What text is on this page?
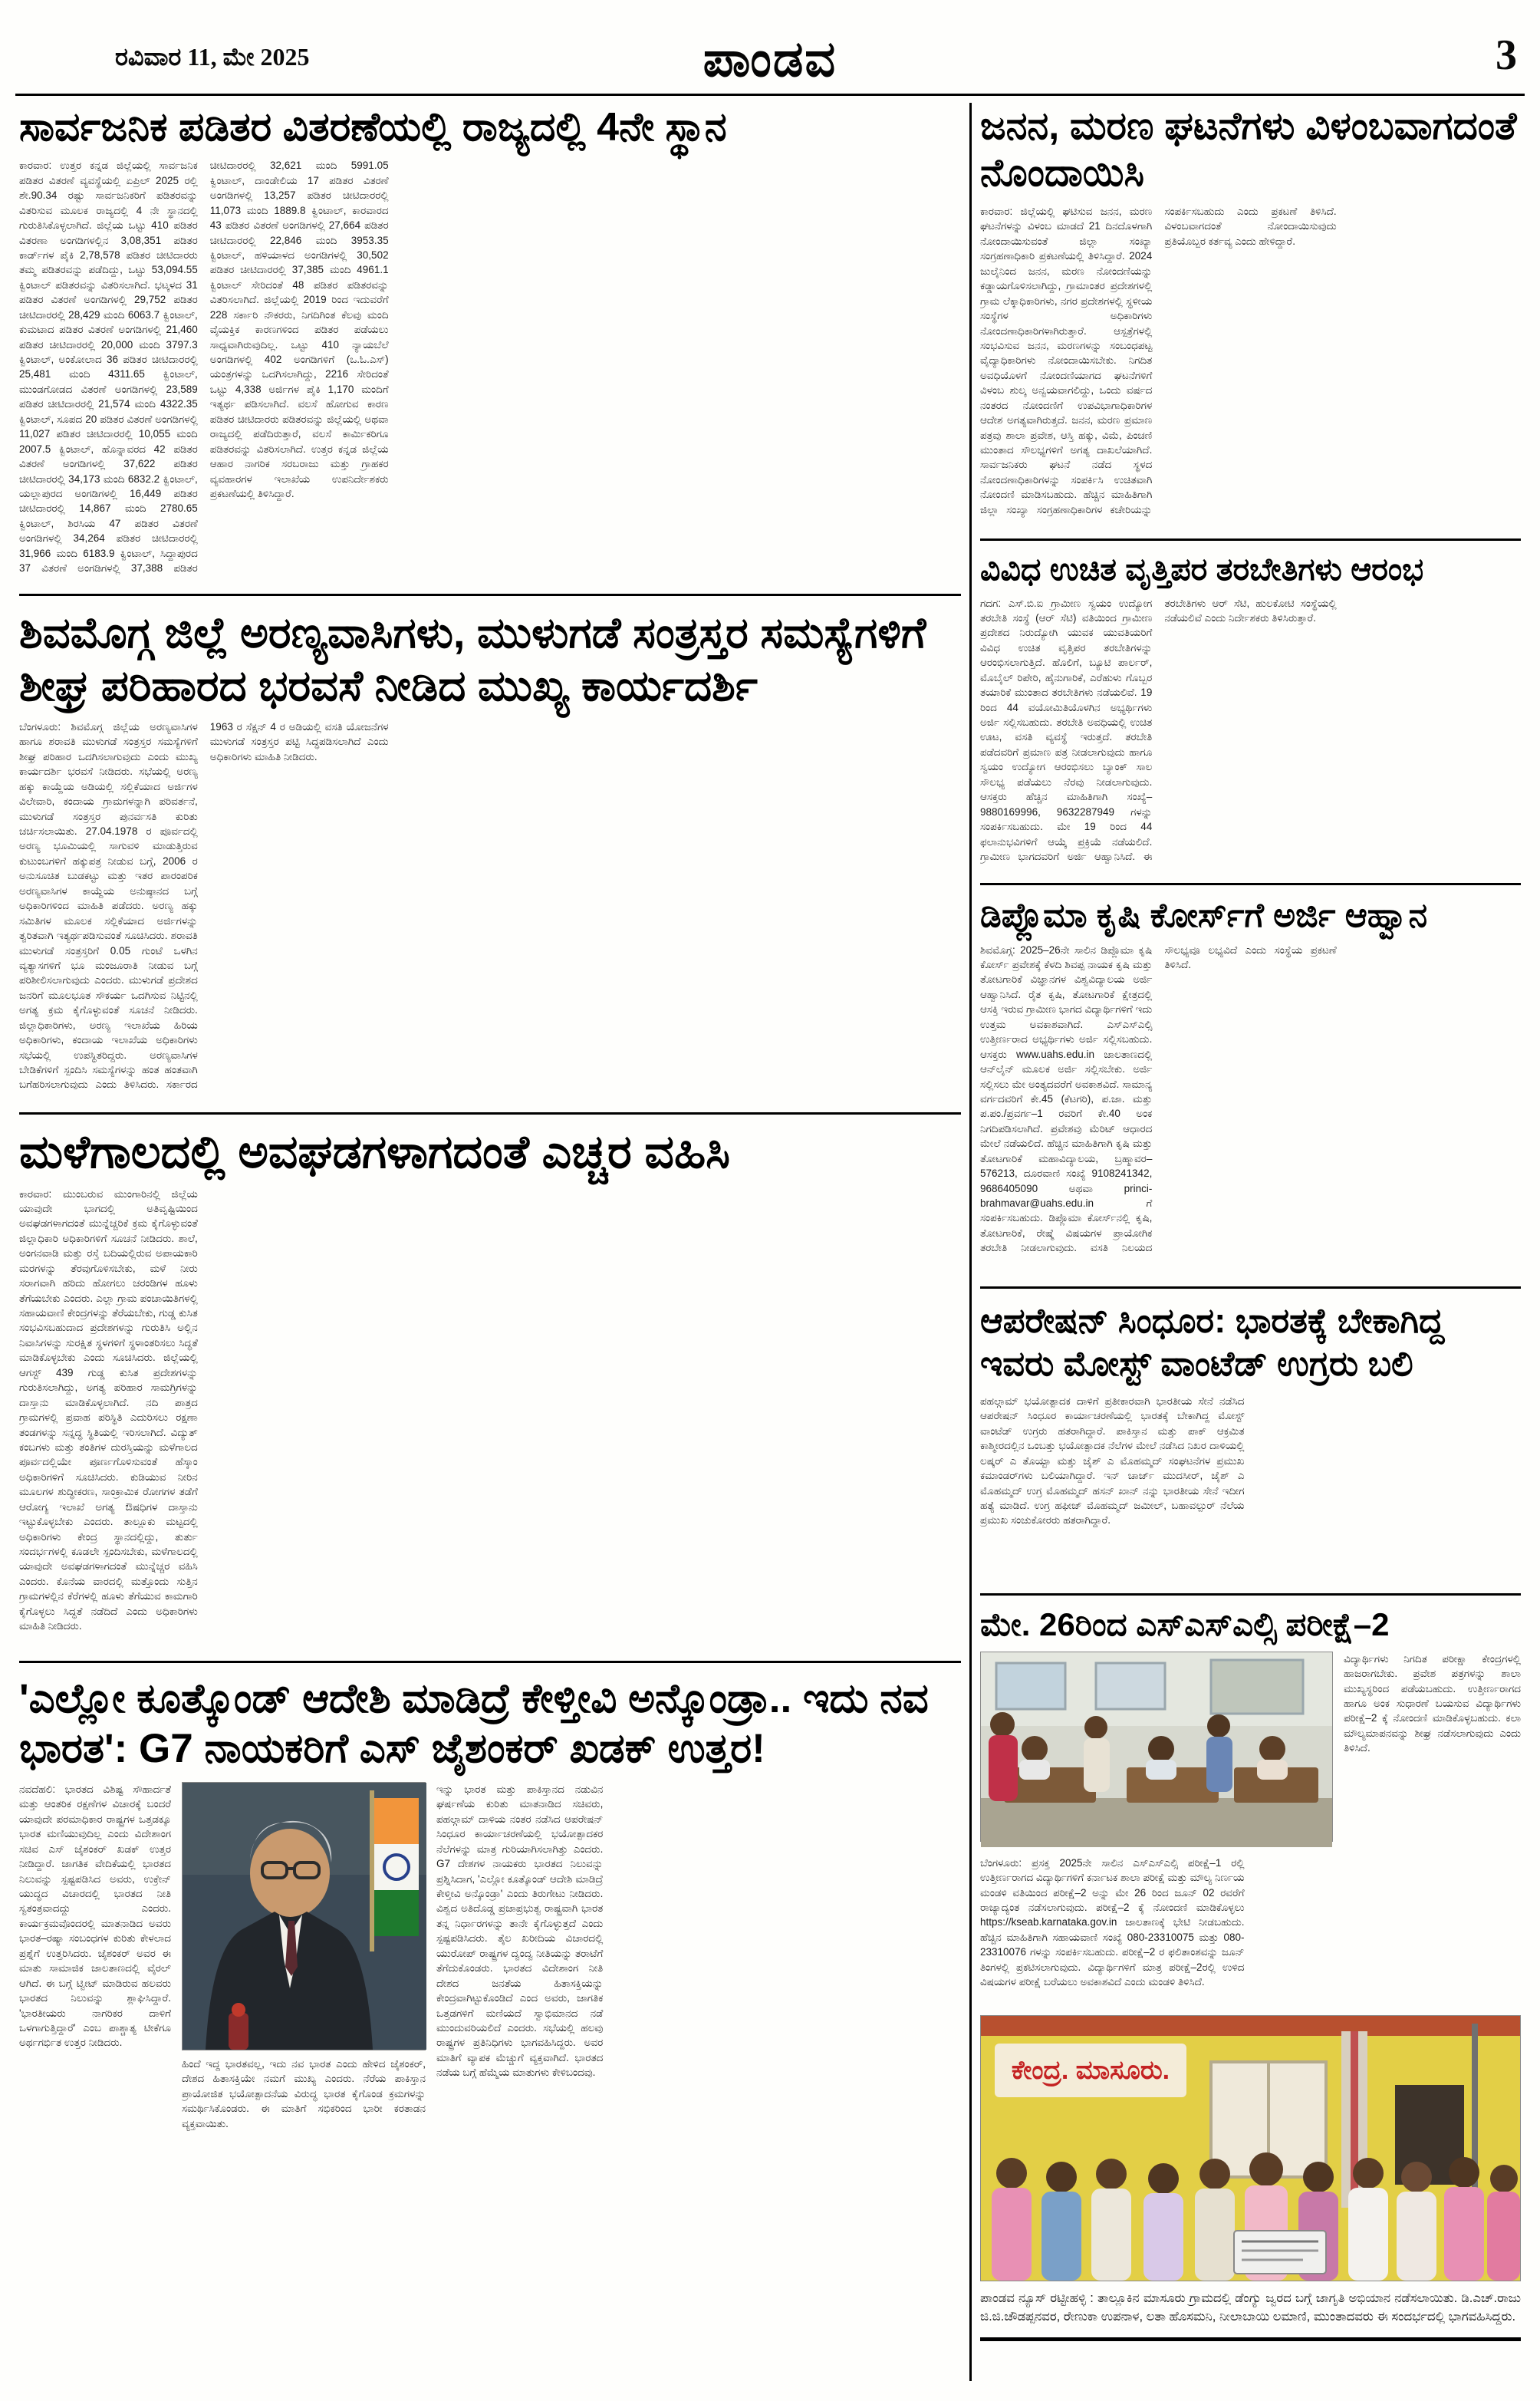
ರವಿವಾರ 11, ಮೇ 2025	ಪಾಂಡವ	3
ಸಾರ್ವಜನಿಕ ಪಡಿತರ ವಿತರಣೆಯಲ್ಲಿ ರಾಜ್ಯದಲ್ಲಿ 4ನೇ ಸ್ಥಾನ
ಕಾರವಾರ: ಉತ್ತರ ಕನ್ನಡ ಜಿಲ್ಲೆಯಲ್ಲಿ ಸಾರ್ವಜನಿಕ ಪಡಿತರ ವಿತರಣೆ ವ್ಯವಸ್ಥೆಯಲ್ಲಿ ಏಪ್ರಿಲ್ 2025 ರಲ್ಲಿ ಶೇ.90.34 ರಷ್ಟು ಸಾರ್ವಜನಿಕರಿಗೆ ಪಡಿತರವನ್ನು ವಿತರಿಸುವ ಮೂಲಕ ರಾಜ್ಯದಲ್ಲಿ 4 ನೇ ಸ್ಥಾನದಲ್ಲಿ ಗುರುತಿಸಿಕೊಳ್ಳಲಾಗಿದೆ. ಜಿಲ್ಲೆಯ ಒಟ್ಟು 410 ಪಡಿತರ ವಿತರಣಾ ಅಂಗಡಿಗಳಲ್ಲಿನ 3,08,351 ಪಡಿತರ ಕಾರ್ಡ್‌ಗಳ ಪೈಕಿ 2,78,578 ಪಡಿತರ ಚೀಟಿದಾರರು ತಮ್ಮ ಪಡಿತರವನ್ನು ಪಡೆದಿದ್ದು, ಒಟ್ಟು 53,094.55 ಕ್ವಿಂಟಾಲ್ ಪಡಿತರವನ್ನು ವಿತರಿಸಲಾಗಿದೆ. ಭಟ್ಕಳದ 31 ಪಡಿತರ ವಿತರಣೆ ಅಂಗಡಿಗಳಲ್ಲಿ 29,752 ಪಡಿತರ ಚೀಟಿದಾರರಲ್ಲಿ 28,429 ಮಂದಿ 6063.7 ಕ್ವಿಂಟಾಲ್, ಕುಮಟಾದ ಪಡಿತರ ವಿತರಣೆ ಅಂಗಡಿಗಳಲ್ಲಿ 21,460 ಪಡಿತರ ಚೀಟಿದಾರರಲ್ಲಿ 20,000 ಮಂದಿ 3797.3 ಕ್ವಿಂಟಾಲ್, ಅಂಕೋಲಾದ 36 ಪಡಿತರ ಚೀಟಿದಾರರಲ್ಲಿ 25,481 ಮಂದಿ 4311.65 ಕ್ವಿಂಟಾಲ್, ಮುಂಡಗೋಡದ ವಿತರಣೆ ಅಂಗಡಿಗಳಲ್ಲಿ 23,589 ಪಡಿತರ ಚೀಟಿದಾರರಲ್ಲಿ 21,574 ಮಂದಿ 4322.35 ಕ್ವಿಂಟಾಲ್, ಸೂಪದ 20 ಪಡಿತರ ವಿತರಣೆ ಅಂಗಡಿಗಳಲ್ಲಿ 11,027 ಪಡಿತರ ಚೀಟಿದಾರರಲ್ಲಿ 10,055 ಮಂದಿ 2007.5 ಕ್ವಿಂಟಾಲ್, ಹೊನ್ನಾವರದ 42 ಪಡಿತರ ವಿತರಣೆ ಅಂಗಡಿಗಳಲ್ಲಿ 37,622 ಪಡಿತರ ಚೀಟಿದಾರರಲ್ಲಿ 34,173 ಮಂದಿ 6832.2 ಕ್ವಿಂಟಾಲ್, ಯಲ್ಲಾಪುರದ ಅಂಗಡಿಗಳಲ್ಲಿ 16,449 ಪಡಿತರ ಚೀಟಿದಾರರಲ್ಲಿ 14,867 ಮಂದಿ 2780.65 ಕ್ವಿಂಟಾಲ್, ಶಿರಸಿಯ 47 ಪಡಿತರ ವಿತರಣೆ ಅಂಗಡಿಗಳಲ್ಲಿ 34,264 ಪಡಿತರ ಚೀಟಿದಾರರಲ್ಲಿ 31,966 ಮಂದಿ 6183.9 ಕ್ವಿಂಟಾಲ್, ಸಿದ್ದಾಪುರದ 37 ವಿತರಣೆ ಅಂಗಡಿಗಳಲ್ಲಿ 37,388 ಪಡಿತರ ಚೀಟಿದಾರರಲ್ಲಿ 32,621 ಮಂದಿ 5991.05 ಕ್ವಿಂಟಾಲ್, ದಾಂಡೇಲಿಯ 17 ಪಡಿತರ ವಿತರಣೆ ಅಂಗಡಿಗಳಲ್ಲಿ 13,257 ಪಡಿತರ ಚೀಟಿದಾರರಲ್ಲಿ 11,073 ಮಂದಿ 1889.8 ಕ್ವಿಂಟಾಲ್, ಕಾರವಾರದ 43 ಪಡಿತರ ವಿತರಣೆ ಅಂಗಡಿಗಳಲ್ಲಿ 27,664 ಪಡಿತರ ಚೀಟಿದಾರರಲ್ಲಿ 22,846 ಮಂದಿ 3953.35 ಕ್ವಿಂಟಾಲ್, ಹಳಿಯಾಳದ ಅಂಗಡಿಗಳಲ್ಲಿ 30,502 ಪಡಿತರ ಚೀಟಿದಾರರಲ್ಲಿ 37,385 ಮಂದಿ 4961.1 ಕ್ವಿಂಟಾಲ್ ಸೇರಿದಂತೆ 48 ಪಡಿತರ ಪಡಿತರವನ್ನು ವಿತರಿಸಲಾಗಿದೆ. ಜಿಲ್ಲೆಯಲ್ಲಿ 2019 ರಿಂದ ಇದುವರೆಗೆ 228 ಸರ್ಕಾರಿ ನೌಕರರು, ನಿಗದಿಗಿಂತ ಕೆಲವು ಮಂದಿ ವೈಯಕ್ತಿಕ ಕಾರಣಗಳಿಂದ ಪಡಿತರ ಪಡೆಯಲು ಸಾಧ್ಯವಾಗಿರುವುದಿಲ್ಲ. ಒಟ್ಟು 410 ನ್ಯಾಯಬೆಲೆ ಅಂಗಡಿಗಳಲ್ಲಿ 402 ಅಂಗಡಿಗಳಿಗೆ (ಒ.ಓ.ಎಸ್) ಯಂತ್ರಗಳನ್ನು ಒದಗಿಸಲಾಗಿದ್ದು, 2216 ಸೇರಿದಂತೆ ಒಟ್ಟು 4,338 ಅರ್ಜಿಗಳ ಪೈಕಿ 1,170 ಮಂದಿಗೆ ಇತ್ಯರ್ಥ ಪಡಿಸಲಾಗಿದೆ. ವಲಸೆ ಹೋಗುವ ಕಾರಣ ಪಡಿತರ ಚೀಟಿದಾರರು ಪಡಿತರವನ್ನು ಜಿಲ್ಲೆಯಲ್ಲಿ ಅಥವಾ ರಾಜ್ಯದಲ್ಲಿ ಪಡೆದಿರುತ್ತಾರೆ, ವಲಸೆ ಕಾರ್ಮಿಕರಿಗೂ ಪಡಿತರವನ್ನು ವಿತರಿಸಲಾಗಿದೆ. ಉತ್ತರ ಕನ್ನಡ ಜಿಲ್ಲೆಯ ಆಹಾರ ನಾಗರಿಕ ಸರಬರಾಜು ಮತ್ತು ಗ್ರಾಹಕರ ವ್ಯವಹಾರಗಳ ಇಲಾಖೆಯ ಉಪನಿರ್ದೇಶಕರು ಪ್ರಕಟಣೆಯಲ್ಲಿ ತಿಳಿಸಿದ್ದಾರೆ.
ಶಿವಮೊಗ್ಗ ಜಿಲ್ಲೆ ಅರಣ್ಯವಾಸಿಗಳು, ಮುಳುಗಡೆ ಸಂತ್ರಸ್ತರ ಸಮಸ್ಯೆಗಳಿಗೆ ಶೀಘ್ರ ಪರಿಹಾರದ ಭರವಸೆ ನೀಡಿದ ಮುಖ್ಯ ಕಾರ್ಯದರ್ಶಿ
ಬೆಂಗಳೂರು: ಶಿವಮೊಗ್ಗ ಜಿಲ್ಲೆಯ ಅರಣ್ಯವಾಸಿಗಳ ಹಾಗೂ ಶರಾವತಿ ಮುಳುಗಡೆ ಸಂತ್ರಸ್ತರ ಸಮಸ್ಯೆಗಳಿಗೆ ಶೀಘ್ರ ಪರಿಹಾರ ಒದಗಿಸಲಾಗುವುದು ಎಂದು ಮುಖ್ಯ ಕಾರ್ಯದರ್ಶಿ ಭರವಸೆ ನೀಡಿದರು. ಸಭೆಯಲ್ಲಿ ಅರಣ್ಯ ಹಕ್ಕು ಕಾಯ್ದೆಯ ಅಡಿಯಲ್ಲಿ ಸಲ್ಲಿಕೆಯಾದ ಅರ್ಜಿಗಳ ವಿಲೇವಾರಿ, ಕಂದಾಯ ಗ್ರಾಮಗಳನ್ನಾಗಿ ಪರಿವರ್ತನೆ, ಮುಳುಗಡೆ ಸಂತ್ರಸ್ತರ ಪುನರ್ವಸತಿ ಕುರಿತು ಚರ್ಚಿಸಲಾಯಿತು. 27.04.1978 ರ ಪೂರ್ವದಲ್ಲಿ ಅರಣ್ಯ ಭೂಮಿಯಲ್ಲಿ ಸಾಗುವಳಿ ಮಾಡುತ್ತಿರುವ ಕುಟುಂಬಗಳಿಗೆ ಹಕ್ಕುಪತ್ರ ನೀಡುವ ಬಗ್ಗೆ, 2006 ರ ಅನುಸೂಚಿತ ಬುಡಕಟ್ಟು ಮತ್ತು ಇತರ ಪಾರಂಪರಿಕ ಅರಣ್ಯವಾಸಿಗಳ ಕಾಯ್ದೆಯ ಅನುಷ್ಠಾನದ ಬಗ್ಗೆ ಅಧಿಕಾರಿಗಳಿಂದ ಮಾಹಿತಿ ಪಡೆದರು. ಅರಣ್ಯ ಹಕ್ಕು ಸಮಿತಿಗಳ ಮೂಲಕ ಸಲ್ಲಿಕೆಯಾದ ಅರ್ಜಿಗಳನ್ನು ತ್ವರಿತವಾಗಿ ಇತ್ಯರ್ಥಪಡಿಸುವಂತೆ ಸೂಚಿಸಿದರು. ಶರಾವತಿ ಮುಳುಗಡೆ ಸಂತ್ರಸ್ತರಿಗೆ 0.05 ಗುಂಟೆ ಒಳಗಿನ ವ್ಯತ್ಯಾಸಗಳಿಗೆ ಭೂ ಮಂಜೂರಾತಿ ನೀಡುವ ಬಗ್ಗೆ ಪರಿಶೀಲಿಸಲಾಗುವುದು ಎಂದರು. ಮುಳುಗಡೆ ಪ್ರದೇಶದ ಜನರಿಗೆ ಮೂಲಭೂತ ಸೌಕರ್ಯ ಒದಗಿಸುವ ನಿಟ್ಟಿನಲ್ಲಿ ಅಗತ್ಯ ಕ್ರಮ ಕೈಗೊಳ್ಳುವಂತೆ ಸೂಚನೆ ನೀಡಿದರು. ಜಿಲ್ಲಾಧಿಕಾರಿಗಳು, ಅರಣ್ಯ ಇಲಾಖೆಯ ಹಿರಿಯ ಅಧಿಕಾರಿಗಳು, ಕಂದಾಯ ಇಲಾಖೆಯ ಅಧಿಕಾರಿಗಳು ಸಭೆಯಲ್ಲಿ ಉಪಸ್ಥಿತರಿದ್ದರು. ಅರಣ್ಯವಾಸಿಗಳ ಬೇಡಿಕೆಗಳಿಗೆ ಸ್ಪಂದಿಸಿ ಸಮಸ್ಯೆಗಳನ್ನು ಹಂತ ಹಂತವಾಗಿ ಬಗೆಹರಿಸಲಾಗುವುದು ಎಂದು ತಿಳಿಸಿದರು. ಸರ್ಕಾರದ 1963 ರ ಸೆಕ್ಷನ್ 4 ರ ಅಡಿಯಲ್ಲಿ ವಸತಿ ಯೋಜನೆಗಳ ಮುಳುಗಡೆ ಸಂತ್ರಸ್ತರ ಪಟ್ಟಿ ಸಿದ್ಧಪಡಿಸಲಾಗಿದೆ ಎಂದು ಅಧಿಕಾರಿಗಳು ಮಾಹಿತಿ ನೀಡಿದರು.
ಮಳೆಗಾಲದಲ್ಲಿ ಅವಘಡಗಳಾಗದಂತೆ ಎಚ್ಚರ ವಹಿಸಿ
ಕಾರವಾರ: ಮುಂಬರುವ ಮುಂಗಾರಿನಲ್ಲಿ ಜಿಲ್ಲೆಯ ಯಾವುದೇ ಭಾಗದಲ್ಲಿ ಅತಿವೃಷ್ಟಿಯಿಂದ ಅವಘಡಗಳಾಗದಂತೆ ಮುನ್ನೆಚ್ಚರಿಕೆ ಕ್ರಮ ಕೈಗೊಳ್ಳುವಂತೆ ಜಿಲ್ಲಾಧಿಕಾರಿ ಅಧಿಕಾರಿಗಳಿಗೆ ಸೂಚನೆ ನೀಡಿದರು. ಶಾಲೆ, ಅಂಗನವಾಡಿ ಮತ್ತು ರಸ್ತೆ ಬದಿಯಲ್ಲಿರುವ ಅಪಾಯಕಾರಿ ಮರಗಳನ್ನು ತೆರವುಗೊಳಿಸಬೇಕು, ಮಳೆ ನೀರು ಸರಾಗವಾಗಿ ಹರಿದು ಹೋಗಲು ಚರಂಡಿಗಳ ಹೂಳು ತೆಗೆಯಬೇಕು ಎಂದರು. ಎಲ್ಲಾ ಗ್ರಾಮ ಪಂಚಾಯಿತಿಗಳಲ್ಲಿ ಸಹಾಯವಾಣಿ ಕೇಂದ್ರಗಳನ್ನು ತೆರೆಯಬೇಕು, ಗುಡ್ಡ ಕುಸಿತ ಸಂಭವಿಸಬಹುದಾದ ಪ್ರದೇಶಗಳನ್ನು ಗುರುತಿಸಿ ಅಲ್ಲಿನ ನಿವಾಸಿಗಳನ್ನು ಸುರಕ್ಷಿತ ಸ್ಥಳಗಳಿಗೆ ಸ್ಥಳಾಂತರಿಸಲು ಸಿದ್ಧತೆ ಮಾಡಿಕೊಳ್ಳಬೇಕು ಎಂದು ಸೂಚಿಸಿದರು. ಜಿಲ್ಲೆಯಲ್ಲಿ ಆಗಸ್ಟ್ 439 ಗುಡ್ಡ ಕುಸಿತ ಪ್ರದೇಶಗಳನ್ನು ಗುರುತಿಸಲಾಗಿದ್ದು, ಅಗತ್ಯ ಪರಿಹಾರ ಸಾಮಗ್ರಿಗಳನ್ನು ದಾಸ್ತಾನು ಮಾಡಿಕೊಳ್ಳಲಾಗಿದೆ. ನದಿ ಪಾತ್ರದ ಗ್ರಾಮಗಳಲ್ಲಿ ಪ್ರವಾಹ ಪರಿಸ್ಥಿತಿ ಎದುರಿಸಲು ರಕ್ಷಣಾ ತಂಡಗಳನ್ನು ಸನ್ನದ್ಧ ಸ್ಥಿತಿಯಲ್ಲಿ ಇರಿಸಲಾಗಿದೆ. ವಿದ್ಯುತ್ ಕಂಬಗಳು ಮತ್ತು ತಂತಿಗಳ ದುರಸ್ತಿಯನ್ನು ಮಳೆಗಾಲದ ಪೂರ್ವದಲ್ಲಿಯೇ ಪೂರ್ಣಗೊಳಿಸುವಂತೆ ಹೆಸ್ಕಾಂ ಅಧಿಕಾರಿಗಳಿಗೆ ಸೂಚಿಸಿದರು. ಕುಡಿಯುವ ನೀರಿನ ಮೂಲಗಳ ಶುದ್ಧೀಕರಣ, ಸಾಂಕ್ರಾಮಿಕ ರೋಗಗಳ ತಡೆಗೆ ಆರೋಗ್ಯ ಇಲಾಖೆ ಅಗತ್ಯ ಔಷಧಿಗಳ ದಾಸ್ತಾನು ಇಟ್ಟುಕೊಳ್ಳಬೇಕು ಎಂದರು. ತಾಲ್ಲೂಕು ಮಟ್ಟದಲ್ಲಿ ಅಧಿಕಾರಿಗಳು ಕೇಂದ್ರ ಸ್ಥಾನದಲ್ಲಿದ್ದು, ತುರ್ತು ಸಂದರ್ಭಗಳಲ್ಲಿ ಕೂಡಲೇ ಸ್ಪಂದಿಸಬೇಕು, ಮಳೆಗಾಲದಲ್ಲಿ ಯಾವುದೇ ಅವಘಡಗಳಾಗದಂತೆ ಮುನ್ನೆಚ್ಚರ ವಹಿಸಿ ಎಂದರು. ಕೊನೆಯ ವಾರದಲ್ಲಿ ಮತ್ತೊಂದು ಸುತ್ತಿನ ಗ್ರಾಮಗಳಲ್ಲಿನ ಕೆರೆಗಳಲ್ಲಿ ಹೂಳು ತೆಗೆಯುವ ಕಾಮಗಾರಿ ಕೈಗೊಳ್ಳಲು ಸಿದ್ಧತೆ ನಡೆದಿದೆ ಎಂದು ಅಧಿಕಾರಿಗಳು ಮಾಹಿತಿ ನೀಡಿದರು.
'ಎಲ್ಲೋ ಕೂತ್ಕೊಂಡ್ ಆದೇಶಿ ಮಾಡಿದ್ರೆ ಕೇಳ್ತೀವಿ ಅನ್ಕೊಂಡ್ರಾ.. ಇದು ನವ ಭಾರತ': G7 ನಾಯಕರಿಗೆ ಎಸ್ ಜೈಶಂಕರ್ ಖಡಕ್ ಉತ್ತರ!
ನವದೆಹಲಿ: ಭಾರತದ ವಿಶಿಷ್ಟ ಸೌಹಾರ್ದತೆ ಮತ್ತು ಆಂತರಿಕ ರಕ್ಷಣೆಗಳ ವಿಚಾರಕ್ಕೆ ಬಂದರೆ ಯಾವುದೇ ಪರಮಾಧಿಕಾರ ರಾಷ್ಟ್ರಗಳ ಒತ್ತಡಕ್ಕೂ ಭಾರತ ಮಣಿಯುವುದಿಲ್ಲ ಎಂದು ವಿದೇಶಾಂಗ ಸಚಿವ ಎಸ್ ಜೈಶಂಕರ್ ಖಡಕ್ ಉತ್ತರ ನೀಡಿದ್ದಾರೆ. ಜಾಗತಿಕ ವೇದಿಕೆಯಲ್ಲಿ ಭಾರತದ ನಿಲುವನ್ನು ಸ್ಪಷ್ಟಪಡಿಸಿದ ಅವರು, ಉಕ್ರೇನ್ ಯುದ್ಧದ ವಿಚಾರದಲ್ಲಿ ಭಾರತದ ನೀತಿ ಸ್ವತಂತ್ರವಾದದ್ದು ಎಂದರು. ಕಾರ್ಯಕ್ರಮವೊಂದರಲ್ಲಿ ಮಾತನಾಡಿದ ಅವರು ಭಾರತ–ರಷ್ಯಾ ಸಂಬಂಧಗಳ ಕುರಿತು ಕೇಳಲಾದ ಪ್ರಶ್ನೆಗೆ ಉತ್ತರಿಸಿದರು. ಜೈಶಂಕರ್ ಅವರ ಈ ಮಾತು ಸಾಮಾಜಿಕ ಜಾಲತಾಣದಲ್ಲಿ ವೈರಲ್ ಆಗಿದೆ. ಈ ಬಗ್ಗೆ ಟ್ವೀಟ್ ಮಾಡಿರುವ ಹಲವರು ಭಾರತದ ನಿಲುವನ್ನು ಶ್ಲಾಘಿಸಿದ್ದಾರೆ. 'ಭಾರತೀಯರು ನಾಗರಿಕರ ದಾಳಿಗೆ ಒಳಗಾಗುತ್ತಿದ್ದಾರೆ' ಎಂಬ ಪಾಶ್ಚಾತ್ಯ ಟೀಕೆಗೂ ಅರ್ಥಗರ್ಭಿತ ಉತ್ತರ ನೀಡಿದರು.
ಹಿಂದೆ ಇದ್ದ ಭಾರತವಲ್ಲ, ಇದು ನವ ಭಾರತ ಎಂದು ಹೇಳಿದ ಜೈಶಂಕರ್, ದೇಶದ ಹಿತಾಸಕ್ತಿಯೇ ನಮಗೆ ಮುಖ್ಯ ಎಂದರು. ನೆರೆಯ ಪಾಕಿಸ್ತಾನ ಪ್ರಾಯೋಜಿತ ಭಯೋತ್ಪಾದನೆಯ ವಿರುದ್ಧ ಭಾರತ ಕೈಗೊಂಡ ಕ್ರಮಗಳನ್ನು ಸಮರ್ಥಿಸಿಕೊಂಡರು. ಈ ಮಾತಿಗೆ ಸಭಿಕರಿಂದ ಭಾರೀ ಕರತಾಡನ ವ್ಯಕ್ತವಾಯಿತು.
ಇನ್ನು ಭಾರತ ಮತ್ತು ಪಾಕಿಸ್ತಾನದ ನಡುವಿನ ಘರ್ಷಣೆಯ ಕುರಿತು ಮಾತನಾಡಿದ ಸಚಿವರು, ಪಹಲ್ಗಾಮ್ ದಾಳಿಯ ನಂತರ ನಡೆಸಿದ ಆಪರೇಷನ್ ಸಿಂಧೂರ ಕಾರ್ಯಾಚರಣೆಯಲ್ಲಿ ಭಯೋತ್ಪಾದಕರ ನೆಲೆಗಳನ್ನು ಮಾತ್ರ ಗುರಿಯಾಗಿಸಲಾಗಿತ್ತು ಎಂದರು. G7 ದೇಶಗಳ ನಾಯಕರು ಭಾರತದ ನಿಲುವನ್ನು ಪ್ರಶ್ನಿಸಿದಾಗ, 'ಎಲ್ಲೋ ಕೂತ್ಕೊಂಡ್ ಆದೇಶಿ ಮಾಡಿದ್ರೆ ಕೇಳ್ತೀವಿ ಅನ್ಕೊಂಡ್ರಾ' ಎಂದು ತಿರುಗೇಟು ನೀಡಿದರು. ವಿಶ್ವದ ಅತಿದೊಡ್ಡ ಪ್ರಜಾಪ್ರಭುತ್ವ ರಾಷ್ಟ್ರವಾಗಿ ಭಾರತ ತನ್ನ ನಿರ್ಧಾರಗಳನ್ನು ತಾನೇ ಕೈಗೊಳ್ಳುತ್ತದೆ ಎಂದು ಸ್ಪಷ್ಟಪಡಿಸಿದರು. ತೈಲ ಖರೀದಿಯ ವಿಚಾರದಲ್ಲಿ ಯುರೋಪ್ ರಾಷ್ಟ್ರಗಳ ದ್ವಂದ್ವ ನೀತಿಯನ್ನು ತರಾಟೆಗೆ ತೆಗೆದುಕೊಂಡರು. ಭಾರತದ ವಿದೇಶಾಂಗ ನೀತಿ ದೇಶದ ಜನತೆಯ ಹಿತಾಸಕ್ತಿಯನ್ನು ಕೇಂದ್ರವಾಗಿಟ್ಟುಕೊಂಡಿದೆ ಎಂದ ಅವರು, ಜಾಗತಿಕ ಒತ್ತಡಗಳಿಗೆ ಮಣಿಯದೆ ಸ್ವಾಭಿಮಾನದ ನಡೆ ಮುಂದುವರಿಯಲಿದೆ ಎಂದರು. ಸಭೆಯಲ್ಲಿ ಹಲವು ರಾಷ್ಟ್ರಗಳ ಪ್ರತಿನಿಧಿಗಳು ಭಾಗವಹಿಸಿದ್ದರು. ಅವರ ಮಾತಿಗೆ ವ್ಯಾಪಕ ಮೆಚ್ಚುಗೆ ವ್ಯಕ್ತವಾಗಿದೆ. ಭಾರತದ ನಡೆಯ ಬಗ್ಗೆ ಹೆಮ್ಮೆಯ ಮಾತುಗಳು ಕೇಳಿಬಂದವು.
ಜನನ, ಮರಣ ಘಟನೆಗಳು ವಿಳಂಬವಾಗದಂತೆ ನೊಂದಾಯಿಸಿ
ಕಾರವಾರ: ಜಿಲ್ಲೆಯಲ್ಲಿ ಘಟಿಸುವ ಜನನ, ಮರಣ ಘಟನೆಗಳನ್ನು ವಿಳಂಬ ಮಾಡದೆ 21 ದಿನದೊಳಗಾಗಿ ನೋಂದಾಯಿಸುವಂತೆ ಜಿಲ್ಲಾ ಸಂಖ್ಯಾ ಸಂಗ್ರಹಣಾಧಿಕಾರಿ ಪ್ರಕಟಣೆಯಲ್ಲಿ ತಿಳಿಸಿದ್ದಾರೆ. 2024 ಜುಲೈನಿಂದ ಜನನ, ಮರಣ ನೋಂದಣಿಯನ್ನು ಕಡ್ಡಾಯಗೊಳಿಸಲಾಗಿದ್ದು, ಗ್ರಾಮಾಂತರ ಪ್ರದೇಶಗಳಲ್ಲಿ ಗ್ರಾಮ ಲೆಕ್ಕಾಧಿಕಾರಿಗಳು, ನಗರ ಪ್ರದೇಶಗಳಲ್ಲಿ ಸ್ಥಳೀಯ ಸಂಸ್ಥೆಗಳ ಅಧಿಕಾರಿಗಳು ನೋಂದಣಾಧಿಕಾರಿಗಳಾಗಿರುತ್ತಾರೆ. ಆಸ್ಪತ್ರೆಗಳಲ್ಲಿ ಸಂಭವಿಸುವ ಜನನ, ಮರಣಗಳನ್ನು ಸಂಬಂಧಪಟ್ಟ ವೈದ್ಯಾಧಿಕಾರಿಗಳು ನೋಂದಾಯಿಸಬೇಕು. ನಿಗದಿತ ಅವಧಿಯೊಳಗೆ ನೋಂದಣಿಯಾಗದ ಘಟನೆಗಳಿಗೆ ವಿಳಂಬ ಶುಲ್ಕ ಅನ್ವಯವಾಗಲಿದ್ದು, ಒಂದು ವರ್ಷದ ನಂತರದ ನೋಂದಣಿಗೆ ಉಪವಿಭಾಗಾಧಿಕಾರಿಗಳ ಆದೇಶ ಅಗತ್ಯವಾಗಿರುತ್ತದೆ. ಜನನ, ಮರಣ ಪ್ರಮಾಣ ಪತ್ರವು ಶಾಲಾ ಪ್ರವೇಶ, ಆಸ್ತಿ ಹಕ್ಕು, ವಿಮೆ, ಪಿಂಚಣಿ ಮುಂತಾದ ಸೌಲಭ್ಯಗಳಿಗೆ ಅಗತ್ಯ ದಾಖಲೆಯಾಗಿದೆ. ಸಾರ್ವಜನಿಕರು ಘಟನೆ ನಡೆದ ಸ್ಥಳದ ನೋಂದಣಾಧಿಕಾರಿಗಳನ್ನು ಸಂಪರ್ಕಿಸಿ ಉಚಿತವಾಗಿ ನೋಂದಣಿ ಮಾಡಿಸಬಹುದು. ಹೆಚ್ಚಿನ ಮಾಹಿತಿಗಾಗಿ ಜಿಲ್ಲಾ ಸಂಖ್ಯಾ ಸಂಗ್ರಹಣಾಧಿಕಾರಿಗಳ ಕಚೇರಿಯನ್ನು ಸಂಪರ್ಕಿಸಬಹುದು ಎಂದು ಪ್ರಕಟಣೆ ತಿಳಿಸಿದೆ. ವಿಳಂಬವಾಗದಂತೆ ನೋಂದಾಯಿಸುವುದು ಪ್ರತಿಯೊಬ್ಬರ ಕರ್ತವ್ಯ ಎಂದು ಹೇಳಿದ್ದಾರೆ.
ವಿವಿಧ ಉಚಿತ ವೃತ್ತಿಪರ ತರಬೇತಿಗಳು ಆರಂಭ
ಗದಗ: ಎಸ್.ಬಿ.ಐ ಗ್ರಾಮೀಣ ಸ್ವಯಂ ಉದ್ಯೋಗ ತರಬೇತಿ ಸಂಸ್ಥೆ (ಆರ್ ಸೆಟಿ) ವತಿಯಿಂದ ಗ್ರಾಮೀಣ ಪ್ರದೇಶದ ನಿರುದ್ಯೋಗಿ ಯುವಕ ಯುವತಿಯರಿಗೆ ವಿವಿಧ ಉಚಿತ ವೃತ್ತಿಪರ ತರಬೇತಿಗಳನ್ನು ಆರಂಭಿಸಲಾಗುತ್ತಿದೆ. ಹೊಲಿಗೆ, ಬ್ಯೂಟಿ ಪಾರ್ಲರ್, ಮೊಬೈಲ್ ರಿಪೇರಿ, ಹೈನುಗಾರಿಕೆ, ಎರೆಹುಳು ಗೊಬ್ಬರ ತಯಾರಿಕೆ ಮುಂತಾದ ತರಬೇತಿಗಳು ನಡೆಯಲಿವೆ. 19 ರಿಂದ 44 ವಯೋಮಿತಿಯೊಳಗಿನ ಅಭ್ಯರ್ಥಿಗಳು ಅರ್ಜಿ ಸಲ್ಲಿಸಬಹುದು. ತರಬೇತಿ ಅವಧಿಯಲ್ಲಿ ಉಚಿತ ಊಟ, ವಸತಿ ವ್ಯವಸ್ಥೆ ಇರುತ್ತದೆ. ತರಬೇತಿ ಪಡೆದವರಿಗೆ ಪ್ರಮಾಣ ಪತ್ರ ನೀಡಲಾಗುವುದು ಹಾಗೂ ಸ್ವಯಂ ಉದ್ಯೋಗ ಆರಂಭಿಸಲು ಬ್ಯಾಂಕ್ ಸಾಲ ಸೌಲಭ್ಯ ಪಡೆಯಲು ನೆರವು ನೀಡಲಾಗುವುದು. ಆಸಕ್ತರು ಹೆಚ್ಚಿನ ಮಾಹಿತಿಗಾಗಿ ಸಂಖ್ಯೆ–9880169996, 9632287949 ಗಳನ್ನು ಸಂಪರ್ಕಿಸಬಹುದು. ಮೇ 19 ರಿಂದ 44 ಫಲಾನುಭವಿಗಳಿಗೆ ಆಯ್ಕೆ ಪ್ರಕ್ರಿಯೆ ನಡೆಯಲಿದೆ. ಗ್ರಾಮೀಣ ಭಾಗದವರಿಗೆ ಅರ್ಜಿ ಆಹ್ವಾನಿಸಿದೆ. ಈ ತರಬೇತಿಗಳು ಆರ್ ಸೆಟಿ, ಹುಲಕೋಟಿ ಸಂಸ್ಥೆಯಲ್ಲಿ ನಡೆಯಲಿವೆ ಎಂದು ನಿರ್ದೇಶಕರು ತಿಳಿಸಿರುತ್ತಾರೆ.
ಡಿಪ್ಲೊಮಾ ಕೃಷಿ ಕೋರ್ಸ್‌ಗೆ ಅರ್ಜಿ ಆಹ್ವಾನ
ಶಿವಮೊಗ್ಗ: 2025–26ನೇ ಸಾಲಿನ ಡಿಪ್ಲೊಮಾ ಕೃಷಿ ಕೋರ್ಸ್ ಪ್ರವೇಶಕ್ಕೆ ಕೆಳದಿ ಶಿವಪ್ಪ ನಾಯಕ ಕೃಷಿ ಮತ್ತು ತೋಟಗಾರಿಕೆ ವಿಜ್ಞಾನಗಳ ವಿಶ್ವವಿದ್ಯಾಲಯ ಅರ್ಜಿ ಆಹ್ವಾನಿಸಿದೆ. ರೈತ ಕೃಷಿ, ತೋಟಗಾರಿಕೆ ಕ್ಷೇತ್ರದಲ್ಲಿ ಆಸಕ್ತಿ ಇರುವ ಗ್ರಾಮೀಣ ಭಾಗದ ವಿದ್ಯಾರ್ಥಿಗಳಿಗೆ ಇದು ಉತ್ತಮ ಅವಕಾಶವಾಗಿದೆ. ಎಸ್ಎಸ್ಎಲ್ಸಿ ಉತ್ತೀರ್ಣರಾದ ಅಭ್ಯರ್ಥಿಗಳು ಅರ್ಜಿ ಸಲ್ಲಿಸಬಹುದು. ಆಸಕ್ತರು www.uahs.edu.in ಜಾಲತಾಣದಲ್ಲಿ ಆನ್‌ಲೈನ್ ಮೂಲಕ ಅರ್ಜಿ ಸಲ್ಲಿಸಬೇಕು. ಅರ್ಜಿ ಸಲ್ಲಿಸಲು ಮೇ ಅಂತ್ಯದವರೆಗೆ ಅವಕಾಶವಿದೆ. ಸಾಮಾನ್ಯ ವರ್ಗದವರಿಗೆ ಕೇ.45 (ಕೆಟಗರಿ), ಪ.ಜಾ. ಮತ್ತು ಪ.ಪಂ./ಪ್ರವರ್ಗ–1 ರವರಿಗೆ ಕೇ.40 ಅಂಕ ನಿಗದಿಪಡಿಸಲಾಗಿದೆ. ಪ್ರವೇಶವು ಮೆರಿಟ್ ಆಧಾರದ ಮೇಲೆ ನಡೆಯಲಿದೆ. ಹೆಚ್ಚಿನ ಮಾಹಿತಿಗಾಗಿ ಕೃಷಿ ಮತ್ತು ತೋಟಗಾರಿಕೆ ಮಹಾವಿದ್ಯಾಲಯ, ಬ್ರಹ್ಮಾವರ–576213, ದೂರವಾಣಿ ಸಂಖ್ಯೆ 9108241342, 9686405090 ಅಥವಾ princi-brahmavar@uahs.edu.in ಗೆ ಸಂಪರ್ಕಿಸಬಹುದು. ಡಿಪ್ಲೊಮಾ ಕೋರ್ಸ್‌ನಲ್ಲಿ ಕೃಷಿ, ತೋಟಗಾರಿಕೆ, ರೇಷ್ಮೆ ವಿಷಯಗಳ ಪ್ರಾಯೋಗಿಕ ತರಬೇತಿ ನೀಡಲಾಗುವುದು. ವಸತಿ ನಿಲಯದ ಸೌಲಭ್ಯವೂ ಲಭ್ಯವಿದೆ ಎಂದು ಸಂಸ್ಥೆಯ ಪ್ರಕಟಣೆ ತಿಳಿಸಿದೆ.
ಆಪರೇಷನ್ ಸಿಂಧೂರ: ಭಾರತಕ್ಕೆ ಬೇಕಾಗಿದ್ದ ಇವರು ಮೋಸ್ಟ್ ವಾಂಟೆಡ್ ಉಗ್ರರು ಬಲಿ
ಪಹಲ್ಗಾಮ್ ಭಯೋತ್ಪಾದಕ ದಾಳಿಗೆ ಪ್ರತೀಕಾರವಾಗಿ ಭಾರತೀಯ ಸೇನೆ ನಡೆಸಿದ ಆಪರೇಷನ್ ಸಿಂಧೂರ ಕಾರ್ಯಾಚರಣೆಯಲ್ಲಿ ಭಾರತಕ್ಕೆ ಬೇಕಾಗಿದ್ದ ಮೋಸ್ಟ್ ವಾಂಟೆಡ್ ಉಗ್ರರು ಹತರಾಗಿದ್ದಾರೆ. ಪಾಕಿಸ್ತಾನ ಮತ್ತು ಪಾಕ್ ಆಕ್ರಮಿತ ಕಾಶ್ಮೀರದಲ್ಲಿನ ಒಂಬತ್ತು ಭಯೋತ್ಪಾದಕ ನೆಲೆಗಳ ಮೇಲೆ ನಡೆಸಿದ ನಿಖರ ದಾಳಿಯಲ್ಲಿ ಲಷ್ಕರ್ ಎ ತೊಯ್ಬಾ ಮತ್ತು ಜೈಶ್ ಎ ಮೊಹಮ್ಮದ್ ಸಂಘಟನೆಗಳ ಪ್ರಮುಖ ಕಮಾಂಡರ್‌ಗಳು ಬಲಿಯಾಗಿದ್ದಾರೆ. ಇನ್ ಚಾರ್ಜ್ ಮುದಸೀರ್, ಜೈಶ್ ಎ ಮೊಹಮ್ಮದ್ ಉಗ್ರ ಮೊಹಮ್ಮದ್ ಹಸನ್ ಖಾನ್ ನನ್ನು ಭಾರತೀಯ ಸೇನೆ ಇದೀಗ ಹತ್ಯೆ ಮಾಡಿದೆ. ಉಗ್ರ ಹಫೀಜ್ ಮೊಹಮ್ಮದ್ ಜಮೀಲ್, ಬಹಾವಲ್ಪುರ್ ನೆಲೆಯ ಪ್ರಮುಖ ಸಂಚುಕೋರರು ಹತರಾಗಿದ್ದಾರೆ.
ಮೇ. 26ರಿಂದ ಎಸ್ಎಸ್ಎಲ್ಸಿ ಪರೀಕ್ಷೆ–2
ವಿದ್ಯಾರ್ಥಿಗಳು ನಿಗದಿತ ಪರೀಕ್ಷಾ ಕೇಂದ್ರಗಳಲ್ಲಿ ಹಾಜರಾಗಬೇಕು. ಪ್ರವೇಶ ಪತ್ರಗಳನ್ನು ಶಾಲಾ ಮುಖ್ಯಸ್ಥರಿಂದ ಪಡೆಯಬಹುದು. ಉತ್ತೀರ್ಣರಾಗದ ಹಾಗೂ ಅಂಕ ಸುಧಾರಣೆ ಬಯಸುವ ವಿದ್ಯಾರ್ಥಿಗಳು ಪರೀಕ್ಷೆ–2 ಕ್ಕೆ ನೋಂದಣಿ ಮಾಡಿಕೊಳ್ಳಬಹುದು. ಕಲಾ ಮೌಲ್ಯಮಾಪನವನ್ನು ಶೀಘ್ರ ನಡೆಸಲಾಗುವುದು ಎಂದು ತಿಳಿಸಿದೆ.
ಬೆಂಗಳೂರು: ಪ್ರಸಕ್ತ 2025ನೇ ಸಾಲಿನ ಎಸ್ಎಸ್ಎಲ್ಸಿ ಪರೀಕ್ಷೆ–1 ರಲ್ಲಿ ಉತ್ತೀರ್ಣರಾಗದ ವಿದ್ಯಾರ್ಥಿಗಳಿಗೆ ಕರ್ನಾಟಕ ಶಾಲಾ ಪರೀಕ್ಷೆ ಮತ್ತು ಮೌಲ್ಯ ನಿರ್ಣಯ ಮಂಡಳಿ ವತಿಯಿಂದ ಪರೀಕ್ಷೆ–2 ಅನ್ನು ಮೇ 26 ರಿಂದ ಜೂನ್ 02 ರವರೆಗೆ ರಾಜ್ಯಾದ್ಯಂತ ನಡೆಸಲಾಗುವುದು. ಪರೀಕ್ಷೆ–2 ಕ್ಕೆ ನೋಂದಣಿ ಮಾಡಿಕೊಳ್ಳಲು https://kseab.karnataka.gov.in ಜಾಲತಾಣಕ್ಕೆ ಭೇಟಿ ನೀಡಬಹುದು. ಹೆಚ್ಚಿನ ಮಾಹಿತಿಗಾಗಿ ಸಹಾಯವಾಣಿ ಸಂಖ್ಯೆ 080-23310075 ಮತ್ತು 080-23310076 ಗಳನ್ನು ಸಂಪರ್ಕಿಸಬಹುದು. ಪರೀಕ್ಷೆ–2 ರ ಫಲಿತಾಂಶವನ್ನು ಜೂನ್ ತಿಂಗಳಲ್ಲಿ ಪ್ರಕಟಿಸಲಾಗುವುದು. ವಿದ್ಯಾರ್ಥಿಗಳಿಗೆ ಮಾತ್ರ ಪರೀಕ್ಷೆ–2ರಲ್ಲಿ ಉಳಿದ ವಿಷಯಗಳ ಪರೀಕ್ಷೆ ಬರೆಯಲು ಅವಕಾಶವಿದೆ ಎಂದು ಮಂಡಳಿ ತಿಳಿಸಿದೆ.
ಕೇಂದ್ರ. ಮಾಸೂರು.
ಪಾಂಡವ ನ್ಯೂಸ್ ರಟ್ಟೀಹಳ್ಳಿ : ತಾಲ್ಲೂಕಿನ ಮಾಸೂರು ಗ್ರಾಮದಲ್ಲಿ ಡೆಂಗ್ಯು ಜ್ವರದ ಬಗ್ಗೆ ಜಾಗೃತಿ ಅಭಿಯಾನ ನಡೆಸಲಾಯಿತು. ಡಿ.ಎಚ್.ರಾಜು ಜಿ.ಜಿ.ಚೌಡಪ್ಪನವರ, ರೇಣುಕಾ ಉಪನಾಳ, ಲತಾ ಹೊಸಮನಿ, ನೀಲಾಬಾಯಿ ಲಮಾಣಿ, ಮುಂತಾದವರು ಈ ಸಂದರ್ಭದಲ್ಲಿ ಭಾಗವಹಿಸಿದ್ದರು.
